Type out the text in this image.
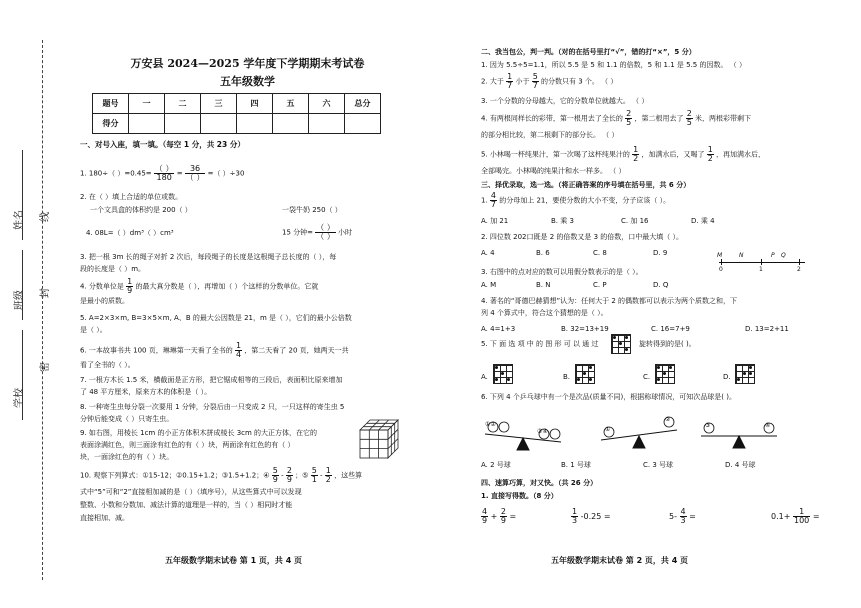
姓名	线
班级	封
学校
密
万安县 2024—2025 学年度下学期期末考试卷
五年级数学
题号	一	二	三	四	五	六	总分
得分							
一、对号入座，填一填。（每空 1 分，共 23 分）
1. 180÷（ ）$=0.45= \frac{( )}{180} = \frac{36}{( )}$ =（ ）÷30
2. 在（ ）填上合适的单位或数。
一个文具盒的体积约是 200（ ）	一袋牛奶 250（ ）
4. 08L=（ ）dm³（ ）cm³	15 分钟= $\frac{( )}{( )}$ 小时
3. 把一根 3m 长的绳子对折 2 次后，每段绳子的长度是这根绳子总长度的（ ），每
段的长度是（ ）m。
4. 分数单位是 $\frac{1}{9}$ 的最大真分数是（ ），再增加（ ）个这样的分数单位。它就
是最小的质数。
5. A=2×3×m, B=3×5×m, A、B 的最大公因数是 21，m 是（ ），它们的最小公倍数
是（ ）。
6. 一本故事书共 100 页，琳琳第一天看了全书的 $\frac{1}{4}$ ，第二天看了 20 页，她两天一共
看了全书的（ ）。
7. 一根方木长 1.5 米，横截面是正方形，把它锯成相等的三段后，表面积比原来增加
了 48 平方厘米，原来方木的体积是（ ）。
8. 一种寄生虫每分裂一次要用 1 分钟，分裂后由一只变成 2 只，一只这样的寄生虫 5
分钟后能变成（ ）只寄生虫。
9. 如右图，用棱长 1cm 的小正方体积木拼成棱长 3cm 的大正方体，在它的
表面涂满红色，则三面涂有红色的有（ ）块，两面涂有红色的有（ ）
块，一面涂红色的有（ ）块。
10. 观察下列算式：①15-12；②0.15+1.2；③1.5+1.2；④ $\frac{5}{9} - \frac{2}{9}$ ；⑤ $\frac{5}{1} - \frac{1}{2}$ ，这些算
式中“5”可和“2”直接相加减的是（ ）（填序号），从这些算式中可以发现
整数、小数和分数加、减法计算的道理是一样的，当（ ）相同时才能
直接相加、减。
五年级数学期末试卷 第 1 页，共 4 页
二、我当包公，判一判。（对的在括号里打“√”，错的打“×”，5 分）
1. 因为 5.5÷5=1.1，所以 5.5 是 5 和 1.1 的倍数，5 和 1.1 是 5.5 的因数。 （ ）
2. 大于 $\frac{1}{7}$ 小于 $\frac{5}{7}$ 的分数只有 3 个。 （ ）
3. 一个分数的分母越大，它的分数单位就越大。 （ ）
4. 有两根同样长的彩带，第一根用去了全长的 $\frac{2}{5}$ ，第二根用去了 $\frac{2}{5}$ 米，两根彩带剩下
的部分相比较，第二根剩下的部分长。 （ ）
5. 小林喝一杯纯果汁，第一次喝了这杯纯果汁的 $\frac{1}{2}$ ，加满水后，又喝了 $\frac{1}{2}$ ，再加满水后，
全部喝完。小林喝的纯果汁和水一样多。 （ ）
三、择优录取，选一选。（将正确答案的序号填在括号里，共 6 分）
1. $\frac{4}{7}$ 的分母加上 21，要使分数的大小不变，分子应该（ ）。
A. 加 21	B. 乘 3	C. 加 16	D. 乘 4
2. 四位数 202口既是 2 的倍数又是 3 的倍数，口中最大填（ ）。
A. 4	B. 6	C. 8	D. 9
0	1	2
M	N	P Q
3. 右图中的点对应的数可以用假分数表示的是（ ）。
A. M	B. N	C. P	D. Q
4. 著名的“哥德巴赫猜想”认为：任何大于 2 的偶数都可以表示为两个质数之和，下
列 4 个算式中，符合这个猜想的是（ ）。
A. 4=1+3	B. 32=13+19	C. 16=7+9	D. 13=2+11
5. 下 面 选 项 中 的 图 形 可 以 通 过	旋转得到的是( )。
A.	B.	C.	D.
6. 下列 4 个乒乓球中有一个是次品(质量不同)，根据称球情况，可知次品球是( )。
①②
③④	①
②
③	④
A. 2 号球	B. 1 号球	C. 3 号球	D. 4 号球
四、速算巧算，对又快。（共 26 分）
1. 直接写得数。（8 分）
$\frac{4}{9} + \frac{2}{9}$ =	$\frac{1}{3} -0.25$ =	$5- \frac{4}{3}$ =	$0.1+ \frac{1}{100}$ =
五年级数学期末试卷 第 2 页，共 4 页
